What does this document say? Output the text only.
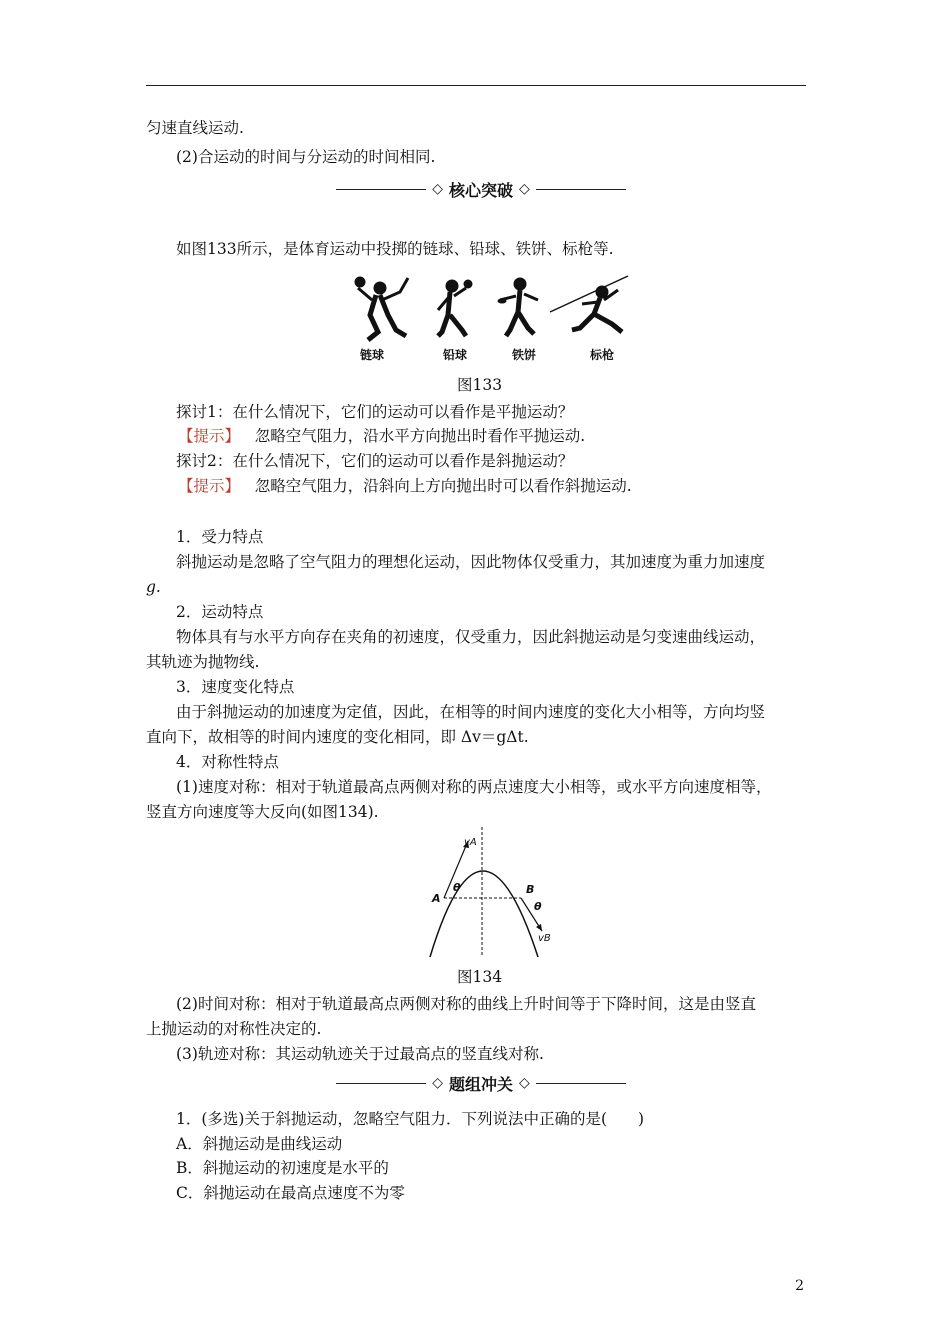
匀速直线运动.
(2)合运动的时间与分运动的时间相同.
◇ 核心突破 ◇
如图133所示，是体育运动中投掷的链球、铅球、铁饼、标枪等.
链球	铅球	铁饼	标枪
图133
探讨1：在什么情况下，它们的运动可以看作是平抛运动？
【提示】 忽略空气阻力，沿水平方向抛出时看作平抛运动.
探讨2：在什么情况下，它们的运动可以看作是斜抛运动？
【提示】 忽略空气阻力，沿斜向上方向抛出时可以看作斜抛运动.
1．受力特点
斜抛运动是忽略了空气阻力的理想化运动，因此物体仅受重力，其加速度为重力加速度
g.
2．运动特点
物体具有与水平方向存在夹角的初速度，仅受重力，因此斜抛运动是匀变速曲线运动，
其轨迹为抛物线.
3．速度变化特点
由于斜抛运动的加速度为定值，因此，在相等的时间内速度的变化大小相等，方向均竖
直向下，故相等的时间内速度的变化相同，即 Δv＝gΔt.
4．对称性特点
(1)速度对称：相对于轨道最高点两侧对称的两点速度大小相等，或水平方向速度相等，
竖直方向速度等大反向(如图134).
vA
A
θ	B
θ
vB
图134
(2)时间对称：相对于轨道最高点两侧对称的曲线上升时间等于下降时间，这是由竖直
上抛运动的对称性决定的.
(3)轨迹对称：其运动轨迹关于过最高点的竖直线对称.
◇ 题组冲关 ◇
1．(多选)关于斜抛运动，忽略空气阻力．下列说法中正确的是(　　)
A．斜抛运动是曲线运动
B．斜抛运动的初速度是水平的
C．斜抛运动在最高点速度不为零
2
